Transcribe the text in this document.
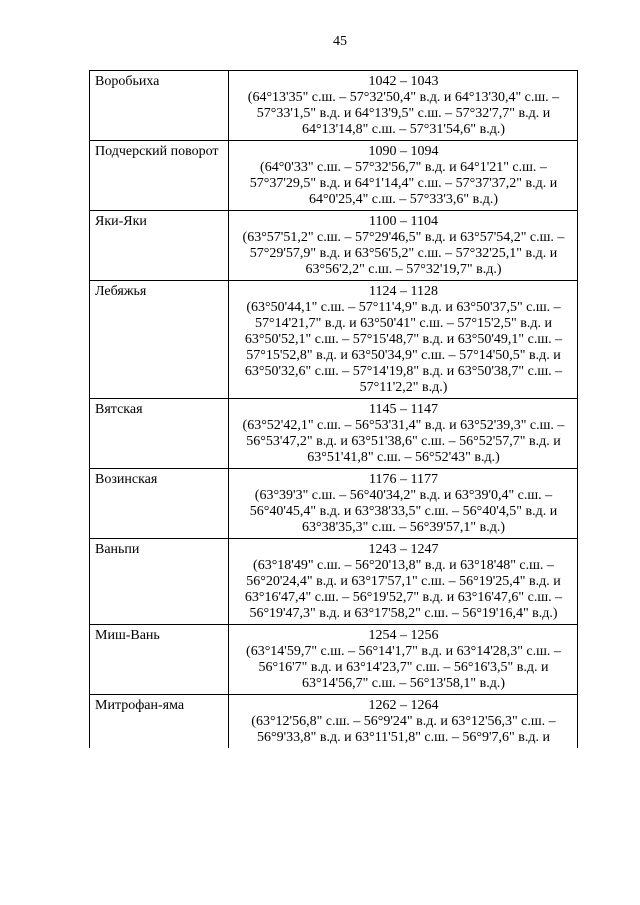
45
Воробьиха	1042 – 1043
(64°13'35" с.ш. – 57°32'50,4" в.д. и 64°13'30,4" с.ш. – 57°33'1,5" в.д. и 64°13'9,5" с.ш. – 57°32'7,7" в.д. и 64°13'14,8" с.ш. – 57°31'54,6" в.д.)

Подчерский поворот	1090 – 1094
(64°0'33" с.ш. – 57°32'56,7" в.д. и 64°1'21" с.ш. – 57°37'29,5" в.д. и 64°1'14,4" с.ш. – 57°37'37,2" в.д. и 64°0'25,4" с.ш. – 57°33'3,6" в.д.)

Яки-Яки	1100 – 1104
(63°57'51,2" с.ш. – 57°29'46,5" в.д. и 63°57'54,2" с.ш. – 57°29'57,9" в.д. и 63°56'5,2" с.ш. – 57°32'25,1" в.д. и 63°56'2,2" с.ш. – 57°32'19,7" в.д.)

Лебяжья	1124 – 1128
(63°50'44,1" с.ш. – 57°11'4,9" в.д. и 63°50'37,5" с.ш. – 57°14'21,7" в.д. и 63°50'41" с.ш. – 57°15'2,5" в.д. и 63°50'52,1" с.ш. – 57°15'48,7" в.д. и 63°50'49,1" с.ш. – 57°15'52,8" в.д. и 63°50'34,9" с.ш. – 57°14'50,5" в.д. и 63°50'32,6" с.ш. – 57°14'19,8" в.д. и 63°50'38,7" с.ш. – 57°11'2,2" в.д.)

Вятская	1145 – 1147
(63°52'42,1" с.ш. – 56°53'31,4" в.д. и 63°52'39,3" с.ш. – 56°53'47,2" в.д. и 63°51'38,6" с.ш. – 56°52'57,7" в.д. и 63°51'41,8" с.ш. – 56°52'43" в.д.)

Возинская	1176 – 1177
(63°39'3" с.ш. – 56°40'34,2" в.д. и 63°39'0,4" с.ш. – 56°40'45,4" в.д. и 63°38'33,5" с.ш. – 56°40'4,5" в.д. и 63°38'35,3" с.ш. – 56°39'57,1" в.д.)

Ваньпи	1243 – 1247
(63°18'49" с.ш. – 56°20'13,8" в.д. и 63°18'48" с.ш. – 56°20'24,4" в.д. и 63°17'57,1" с.ш. – 56°19'25,4" в.д. и 63°16'47,4" с.ш. – 56°19'52,7" в.д. и 63°16'47,6" с.ш. – 56°19'47,3" в.д. и 63°17'58,2" с.ш. – 56°19'16,4" в.д.)

Миш-Вань	1254 – 1256
(63°14'59,7" с.ш. – 56°14'1,7" в.д. и 63°14'28,3" с.ш. – 56°16'7" в.д. и 63°14'23,7" с.ш. – 56°16'3,5" в.д. и 63°14'56,7" с.ш. – 56°13'58,1" в.д.)

Митрофан-яма	1262 – 1264
(63°12'56,8" с.ш. – 56°9'24" в.д. и 63°12'56,3" с.ш. – 56°9'33,8" в.д. и 63°11'51,8" с.ш. – 56°9'7,6" в.д. и
